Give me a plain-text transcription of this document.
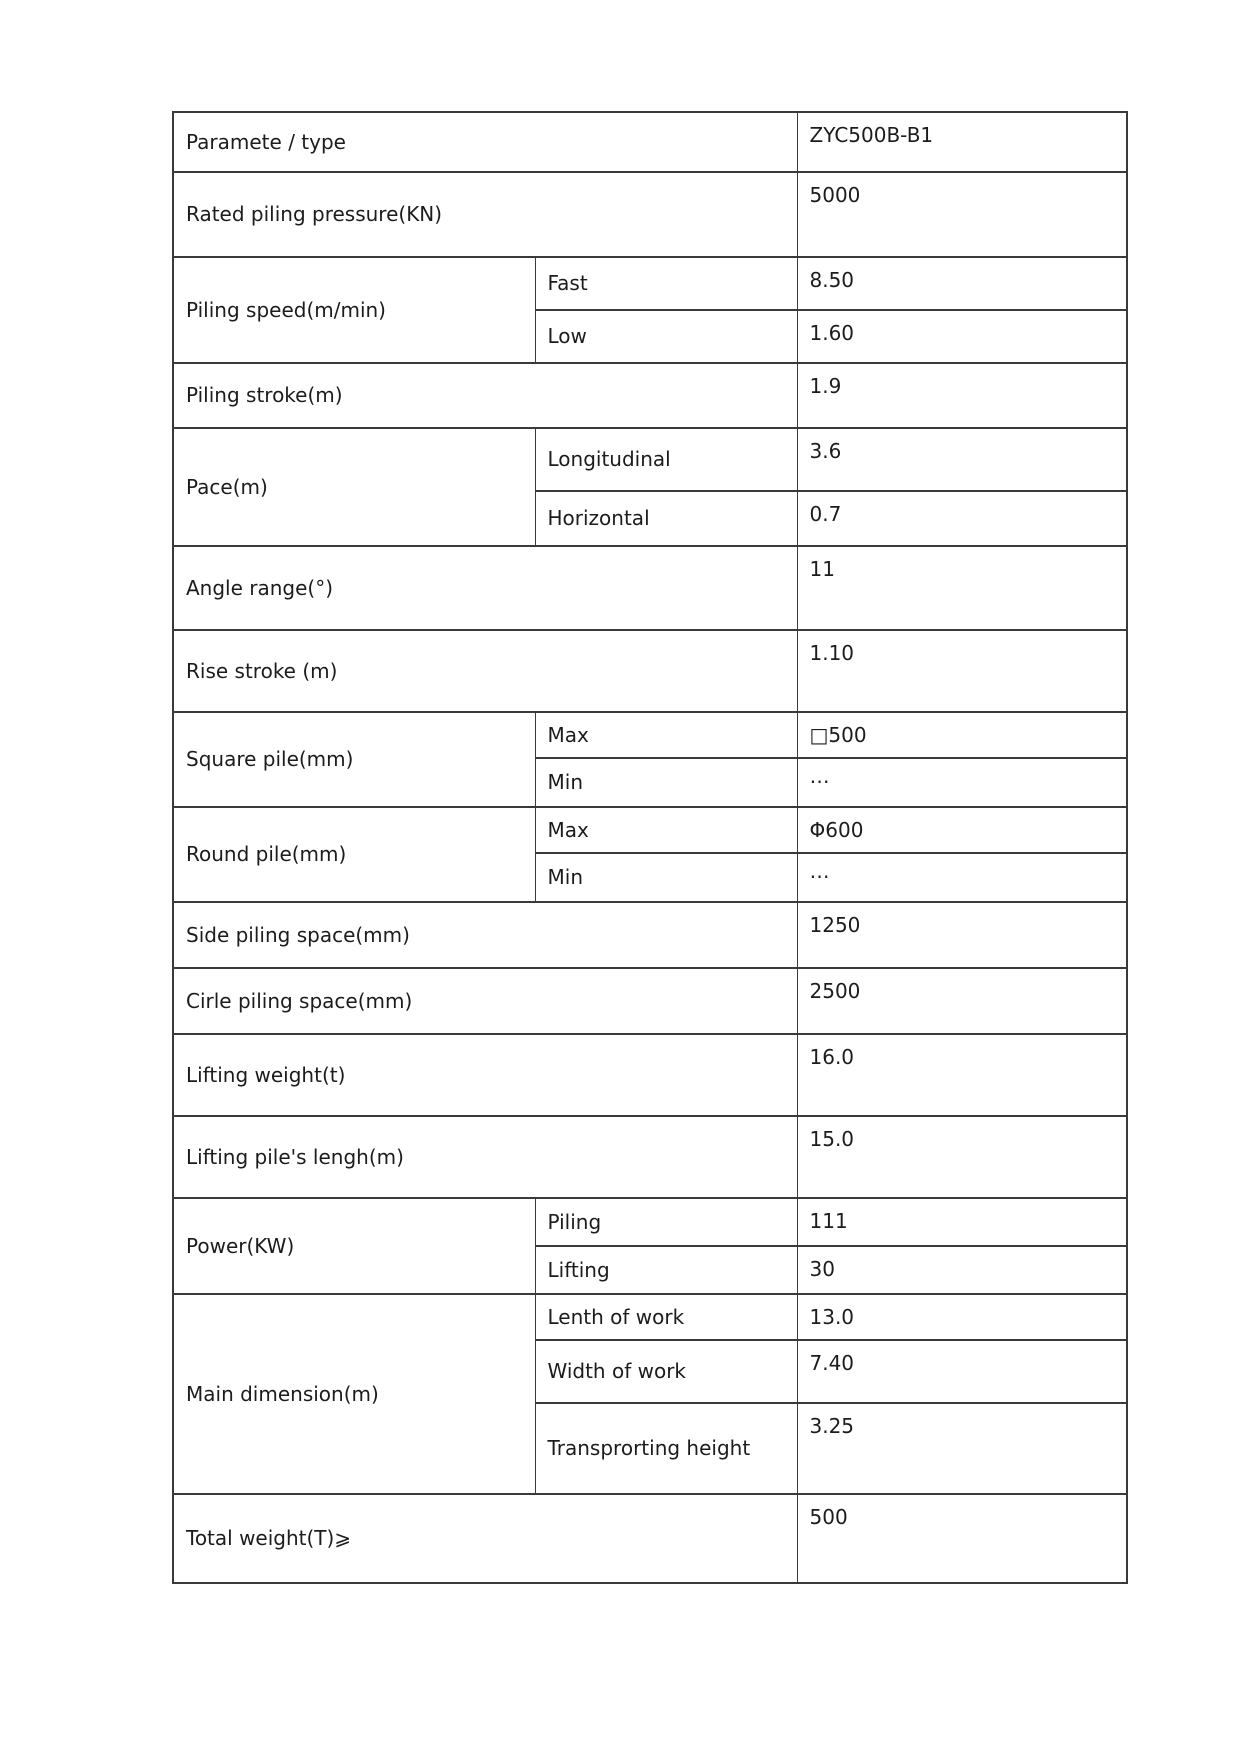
Paramete / type		ZYC500B-B1
Rated piling pressure(KN)		5000
Piling speed(m/min)	Fast	8.50
	Low	1.60
Piling stroke(m)		1.9
Pace(m)	Longitudinal	3.6
	Horizontal	0.7
Angle range(°)		11
Rise stroke (m)		1.10
Square pile(mm)	Max	□500
	Min	⋯
Round pile(mm)	Max	Φ600
	Min	⋯
Side piling space(mm)		1250
Cirle piling space(mm)		2500
Lifting weight(t)		16.0
Lifting pile's lengh(m)		15.0
Power(KW)	Piling	111
	Lifting	30
Main dimension(m)	Lenth of work	13.0
	Width of work	7.40
	Transprorting height	3.25
Total weight(T)⩾		500
